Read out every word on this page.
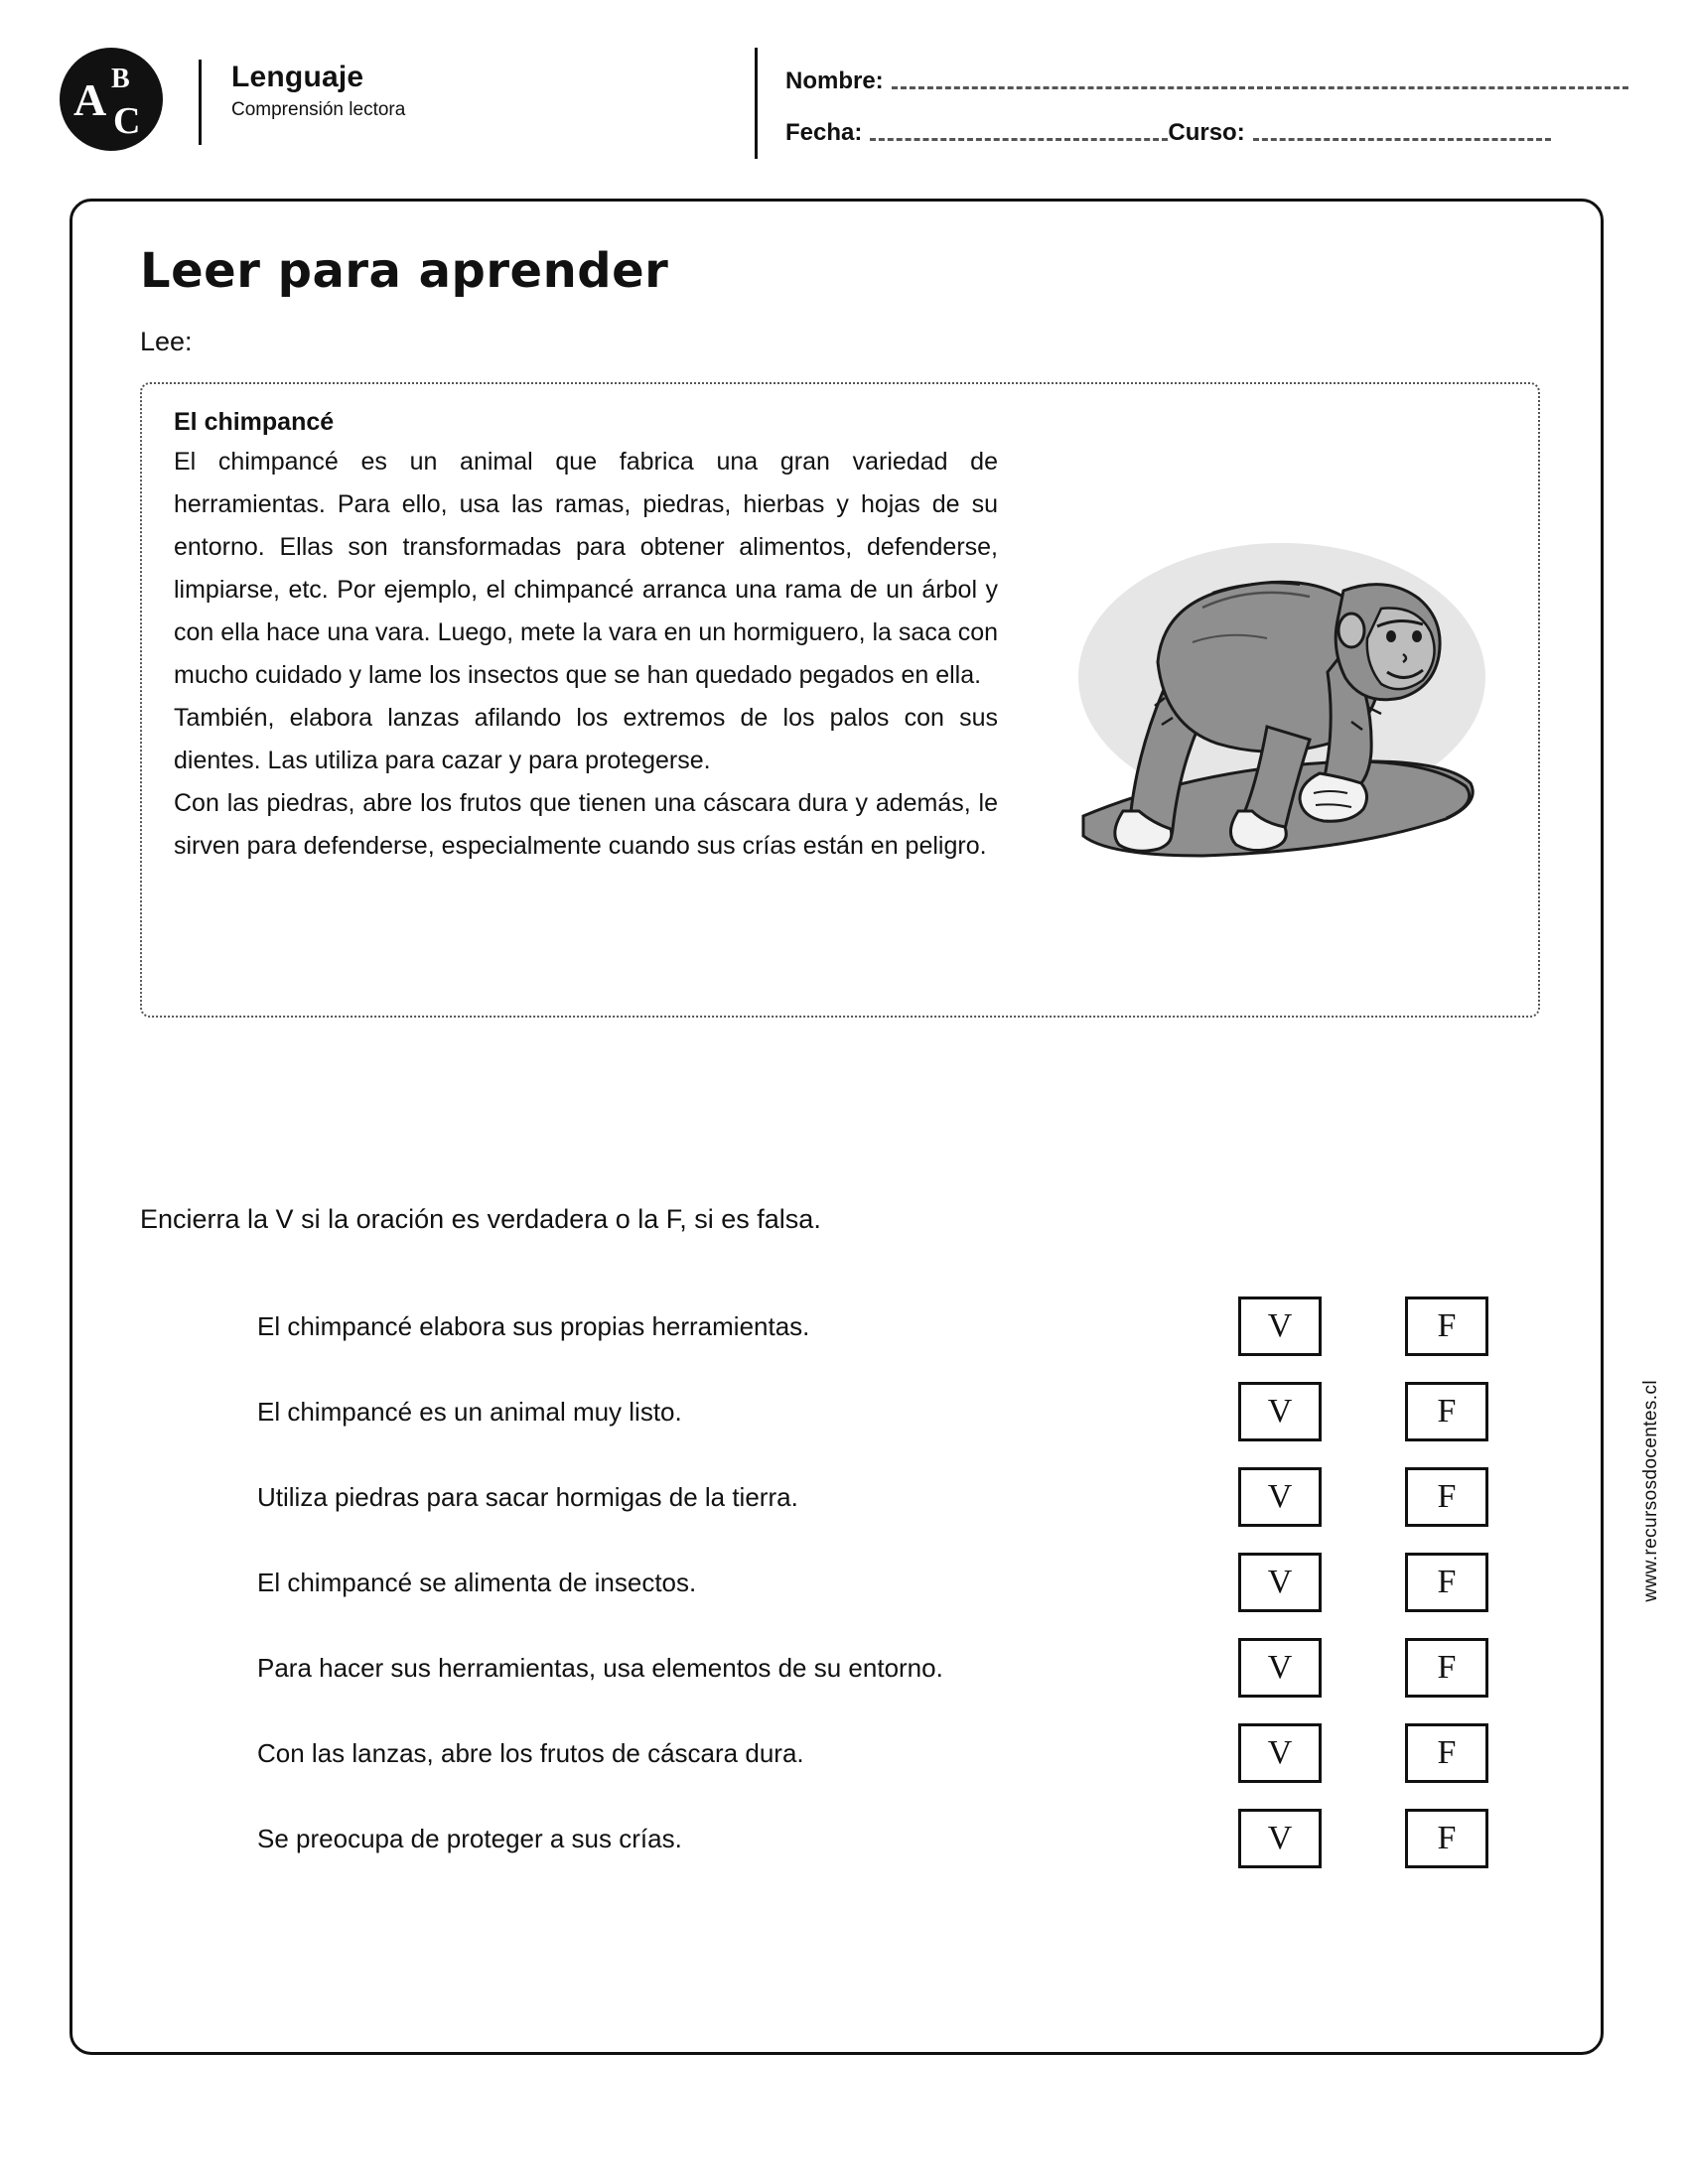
A B
C
Lenguaje
Comprensión lectora
Nombre:
Fecha:	Curso:
Leer para aprender
Lee:
El chimpancé

El chimpancé es un animal que fabrica una gran variedad de herramientas. Para ello, usa las ramas, piedras, hierbas y hojas de su entorno. Ellas son transformadas para obtener alimentos, defenderse, limpiarse, etc. Por ejemplo, el chimpancé arranca una rama de un árbol y con ella hace una vara. Luego, mete la vara en un hormiguero, la saca con mucho cuidado y lame los insectos que se han quedado pegados en ella.

También, elabora lanzas afilando los extremos de los palos con sus dientes. Las utiliza para cazar y para protegerse.

Con las piedras, abre los frutos que tienen una cáscara dura y además, le sirven para defenderse, especialmente cuando sus crías están en peligro.

Encierra la V si la oración es verdadera o la F, si es falsa.
El chimpancé elabora sus propias herramientas.	V	F
El chimpancé es un animal muy listo.	V	F
Utiliza piedras para sacar hormigas de la tierra.	V	F
El chimpancé se alimenta de insectos.	V	F
Para hacer sus herramientas, usa elementos de su entorno.	V	F
Con las lanzas, abre los frutos de cáscara dura.	V	F
Se preocupa de proteger a sus crías.	V	F
www.recursosdocentes.cl
